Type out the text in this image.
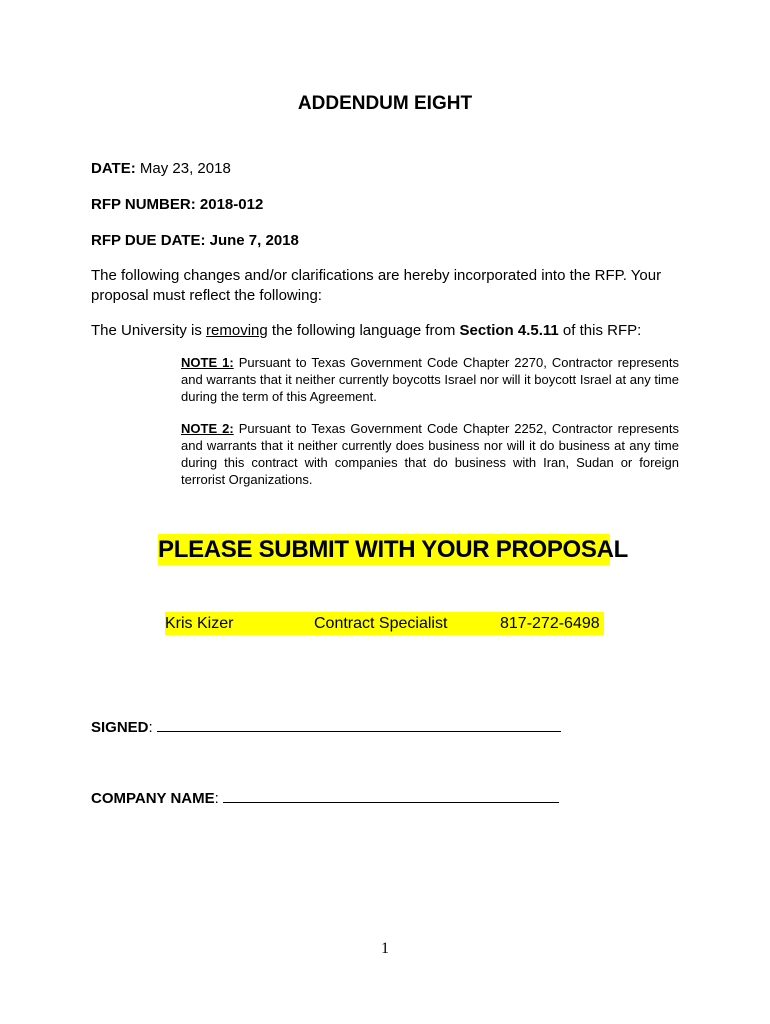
ADDENDUM EIGHT
DATE: May 23, 2018
RFP NUMBER: 2018-012
RFP DUE DATE: June 7, 2018
The following changes and/or clarifications are hereby incorporated into the RFP. Your proposal must reflect the following:
The University is removing the following language from Section 4.5.11 of this RFP:
NOTE 1: Pursuant to Texas Government Code Chapter 2270, Contractor represents and warrants that it neither currently boycotts Israel nor will it boycott Israel at any time during the term of this Agreement.
NOTE 2: Pursuant to Texas Government Code Chapter 2252, Contractor represents and warrants that it neither currently does business nor will it do business at any time during this contract with companies that do business with Iran, Sudan or foreign terrorist Organizations.
PLEASE SUBMIT WITH YOUR PROPOSAL
Kris Kizer	Contract Specialist	817-272-6498
SIGNED:
COMPANY NAME:
1
